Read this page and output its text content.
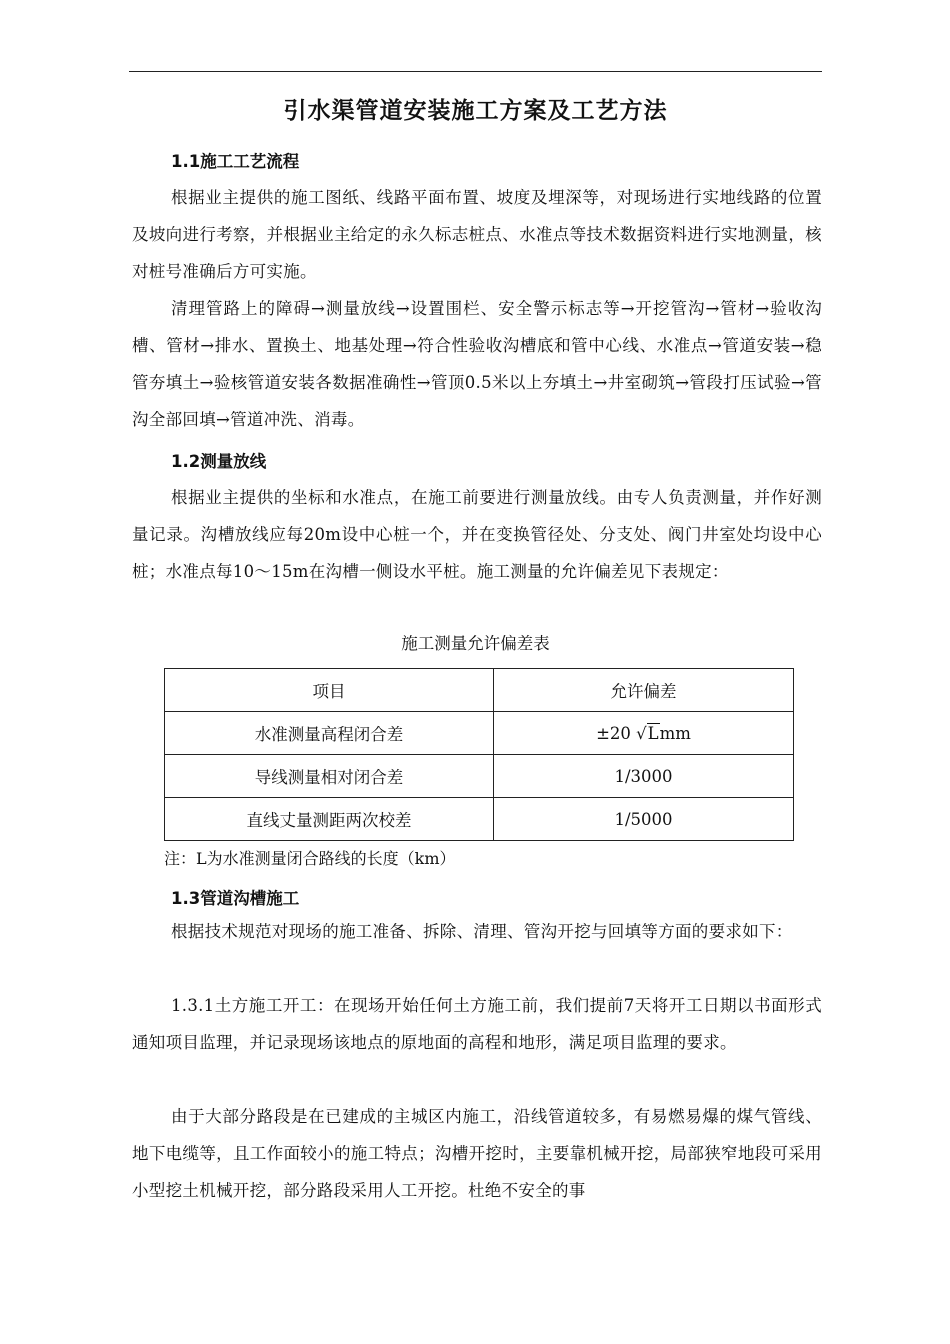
引水渠管道安装施工方案及工艺方法
1.1施工工艺流程
根据业主提供的施工图纸、线路平面布置、坡度及埋深等，对现场进行实地线路的位置及坡向进行考察，并根据业主给定的永久标志桩点、水准点等技术数据资料进行实地测量，核对桩号准确后方可实施。
清理管路上的障碍→测量放线→设置围栏、安全警示标志等→开挖管沟→管材→验收沟槽、管材→排水、置换土、地基处理→符合性验收沟槽底和管中心线、水准点→管道安装→稳管夯填土→验核管道安装各数据准确性→管顶0.5米以上夯填土→井室砌筑→管段打压试验→管沟全部回填→管道冲洗、消毒。
1.2测量放线
根据业主提供的坐标和水准点，在施工前要进行测量放线。由专人负责测量，并作好测量记录。沟槽放线应每20m设中心桩一个，并在变换管径处、分支处、阀门井室处均设中心桩；水准点每10～15m在沟槽一侧设水平桩。施工测量的允许偏差见下表规定：
施工测量允许偏差表
项目	允许偏差
水准测量高程闭合差	±20 √Lmm
导线测量相对闭合差	1/3000
直线丈量测距两次校差	1/5000
注：L为水准测量闭合路线的长度（km）
1.3管道沟槽施工
根据技术规范对现场的施工准备、拆除、清理、管沟开挖与回填等方面的要求如下：
1.3.1土方施工开工：在现场开始任何土方施工前，我们提前7天将开工日期以书面形式通知项目监理，并记录现场该地点的原地面的高程和地形，满足项目监理的要求。
由于大部分路段是在已建成的主城区内施工，沿线管道较多，有易燃易爆的煤气管线、地下电缆等，且工作面较小的施工特点；沟槽开挖时，主要靠机械开挖，局部狭窄地段可采用小型挖土机械开挖，部分路段采用人工开挖。杜绝不安全的事
